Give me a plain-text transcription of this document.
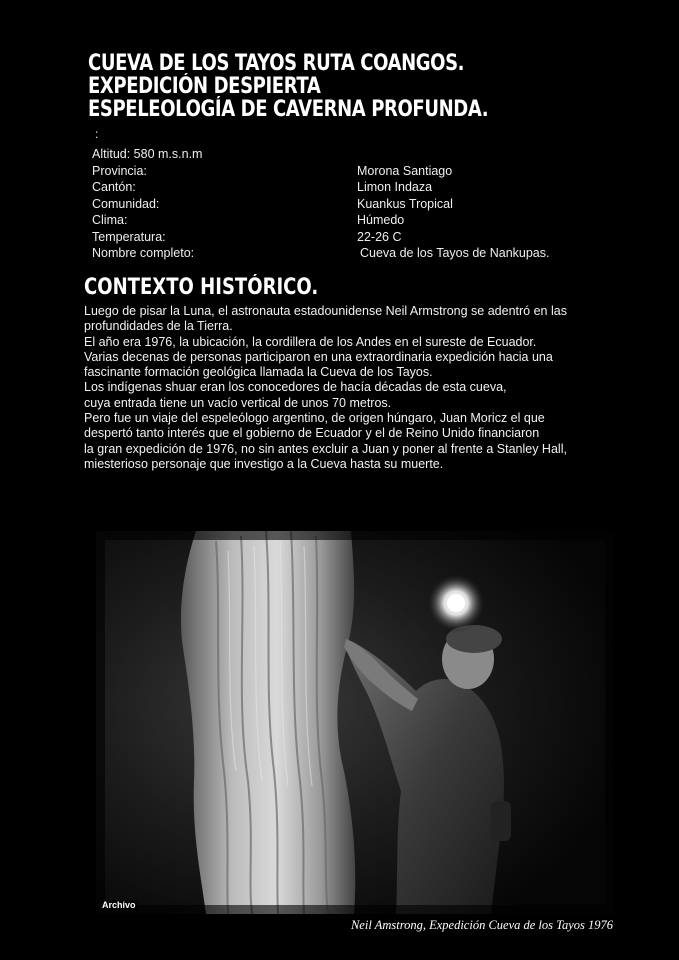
CUEVA DE LOS TAYOS RUTA COANGOS.
EXPEDICIÓN DESPIERTA
ESPELEOLOGÍA DE CAVERNA PROFUNDA.
:
Altitud: 580 m.s.n.m
Provincia:	Morona Santiago
Cantón:	Limon Indaza
Comunidad:	Kuankus Tropical
Clima:	Húmedo
Temperatura:	22-26 C
Nombre completo:	Cueva de los Tayos de Nankupas.
CONTEXTO HISTÓRICO.

Luego de pisar la Luna, el astronauta estadounidense Neil Armstrong se adentró en las

profundidades de la Tierra.

El año era 1976, la ubicación, la cordillera de los Andes en el sureste de Ecuador.

Varias decenas de personas participaron en una extraordinaria expedición hacia una

fascinante formación geológica llamada la Cueva de los Tayos.

Los indígenas shuar eran los conocedores de hacía décadas de esta cueva,

cuya entrada tiene un vacío vertical de unos 70 metros.

Pero fue un viaje del espeleólogo argentino, de origen húngaro, Juan Moricz el que

despertó tanto interés que el gobierno de Ecuador y el de Reino Unido financiaron

la gran expedición de 1976, no sin antes excluir a Juan y poner al frente a Stanley Hall,

miesterioso personaje que investigo a la Cueva hasta su muerte.

Archivo
Neil Amstrong, Expedición Cueva de los Tayos 1976
